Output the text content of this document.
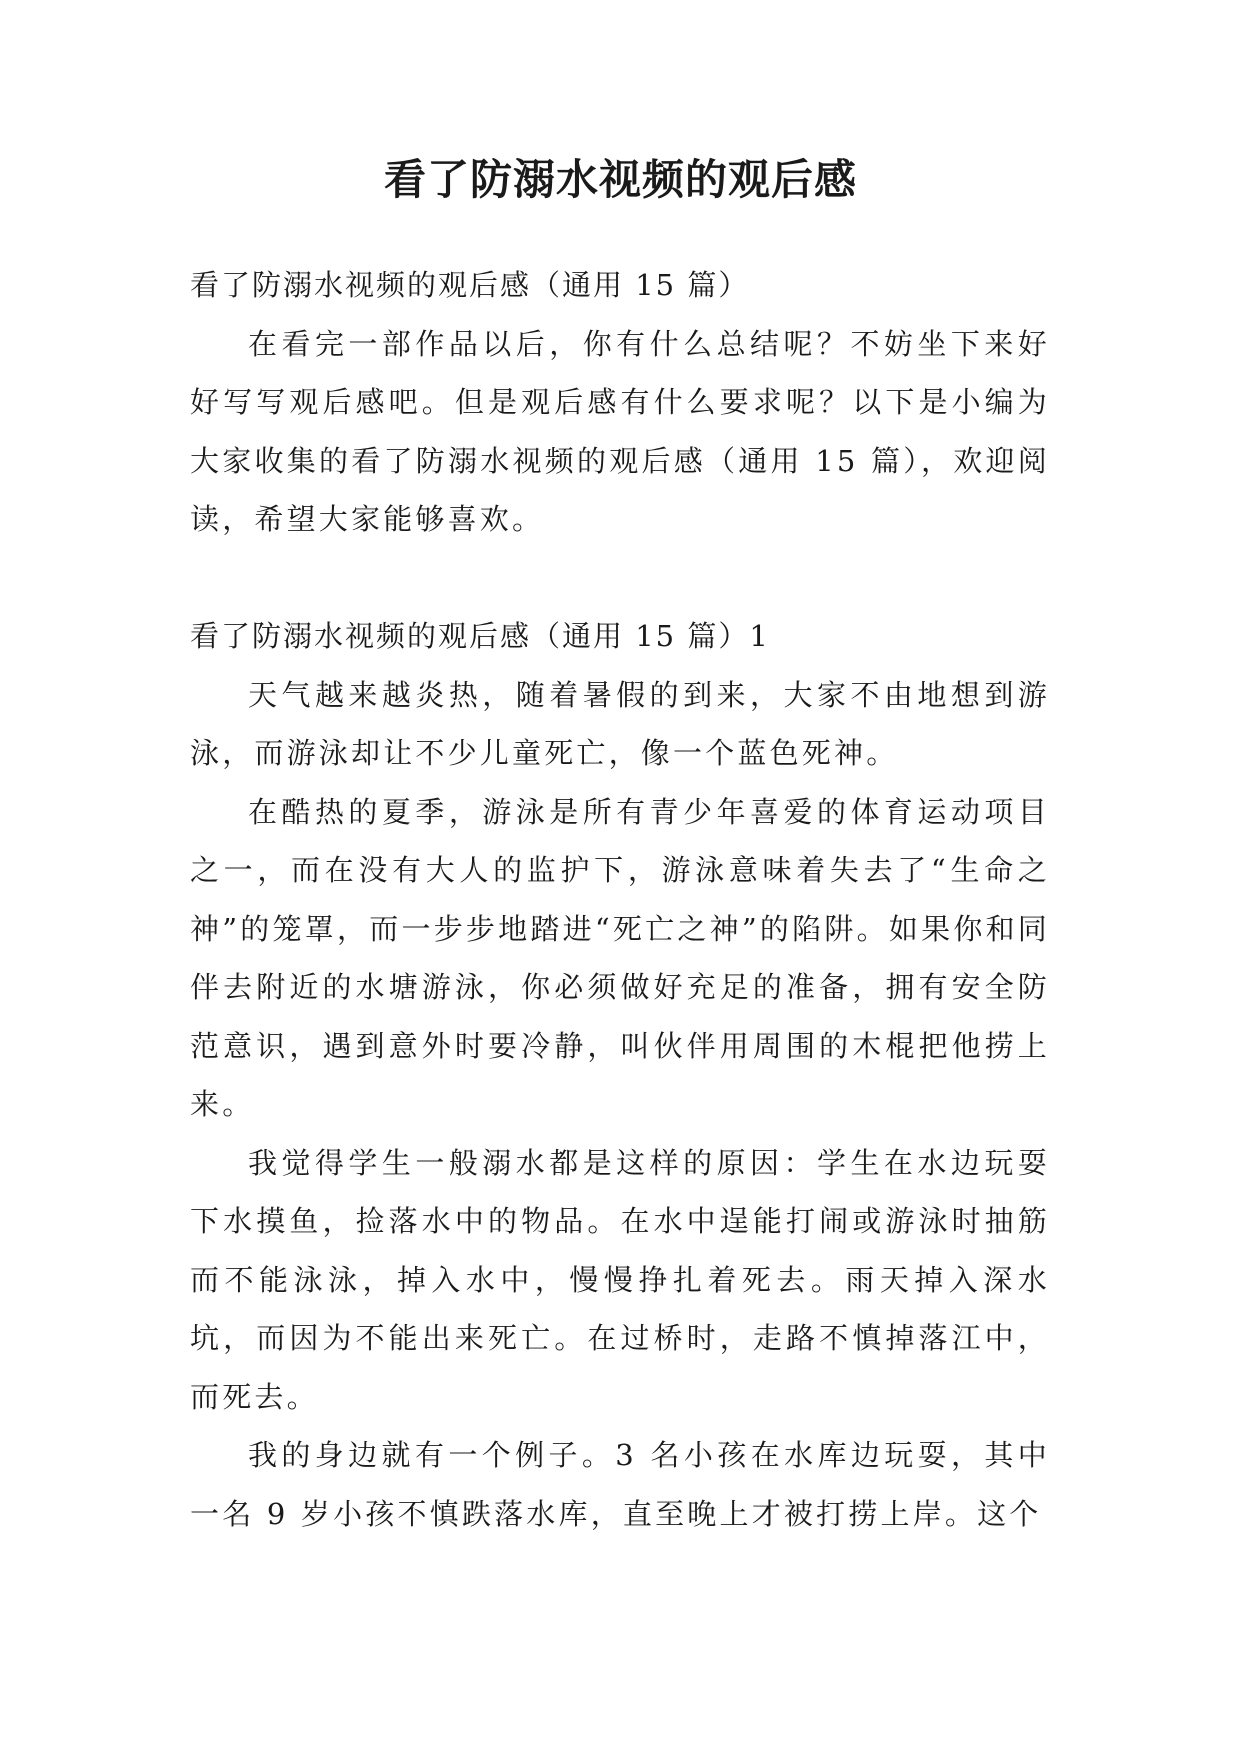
看了防溺水视频的观后感

看了防溺水视频的观后感（通用 15 篇）

在看完一部作品以后，你有什么总结呢？不妨坐下来好好写写观后感吧。但是观后感有什么要求呢？以下是小编为大家收集的看了防溺水视频的观后感（通用 15 篇），欢迎阅读，希望大家能够喜欢。

看了防溺水视频的观后感（通用 15 篇）1

天气越来越炎热，随着暑假的到来，大家不由地想到游泳，而游泳却让不少儿童死亡，像一个蓝色死神。

在酷热的夏季，游泳是所有青少年喜爱的体育运动项目之一，而在没有大人的监护下，游泳意味着失去了“生命之神”的笼罩，而一步步地踏进“死亡之神”的陷阱。如果你和同伴去附近的水塘游泳，你必须做好充足的准备，拥有安全防范意识，遇到意外时要冷静，叫伙伴用周围的木棍把他捞上来。

我觉得学生一般溺水都是这样的原因：学生在水边玩耍下水摸鱼，捡落水中的物品。在水中逞能打闹或游泳时抽筋而不能泳泳，掉入水中，慢慢挣扎着死去。雨天掉入深水坑，而因为不能出来死亡。在过桥时，走路不慎掉落江中，而死去。

我的身边就有一个例子。3 名小孩在水库边玩耍，其中一名 9 岁小孩不慎跌落水库，直至晚上才被打捞上岸。这个
